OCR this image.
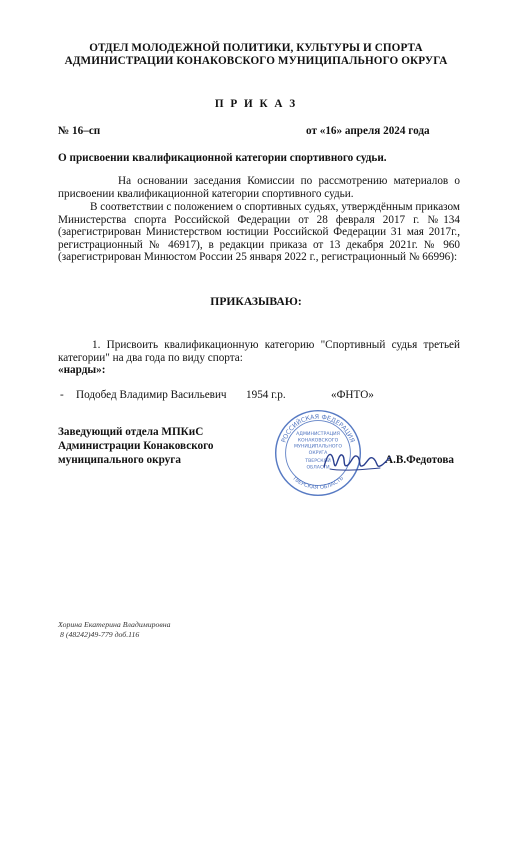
ОТДЕЛ МОЛОДЕЖНОЙ ПОЛИТИКИ, КУЛЬТУРЫ И СПОРТА
АДМИНИСТРАЦИИ КОНАКОВСКОГО МУНИЦИПАЛЬНОГО ОКРУГА
П Р И К А З
№ 16–сп	от «16» апреля 2024 года
О присвоении квалификационной категории спортивного судьи.
На основании заседания Комиссии по рассмотрению материалов о присвоении квалификационной категории спортивного судьи.
В соответствии с положением о спортивных судьях, утверждённым приказом Министерства спорта Российской Федерации от 28 февраля 2017 г. №134 (зарегистрирован Министерством юстиции Российской Федерации 31 мая 2017г., регистрационный № 46917), в редакции приказа от 13 декабря 2021г. № 960 (зарегистрирован Минюстом России 25 января 2022 г., регистрационный № 66996):
ПРИКАЗЫВАЮ:
1. Присвоить квалификационную категорию "Спортивный судья третьей категории" на два года по виду спорта:
«нарды»:
- Подобед Владимир Васильевич 1954 г.р.	«ФНТО»
Заведующий отдела МПКиС
Администрации Конаковского
муниципального округа	А.В.Федотова
РОССИЙСКАЯ ФЕДЕРАЦИЯ
ТВЕРСКАЯ ОБЛАСТЬ
АДМИНИСТРАЦИЯ
КОНАКОВСКОГО
МУНИЦИПАЛЬНОГО
ОКРУГА
ТВЕРСКОЙ
ОБЛАСТИ
Хорина Екатерина Владимировна
8 (48242)49-779 доб.116
